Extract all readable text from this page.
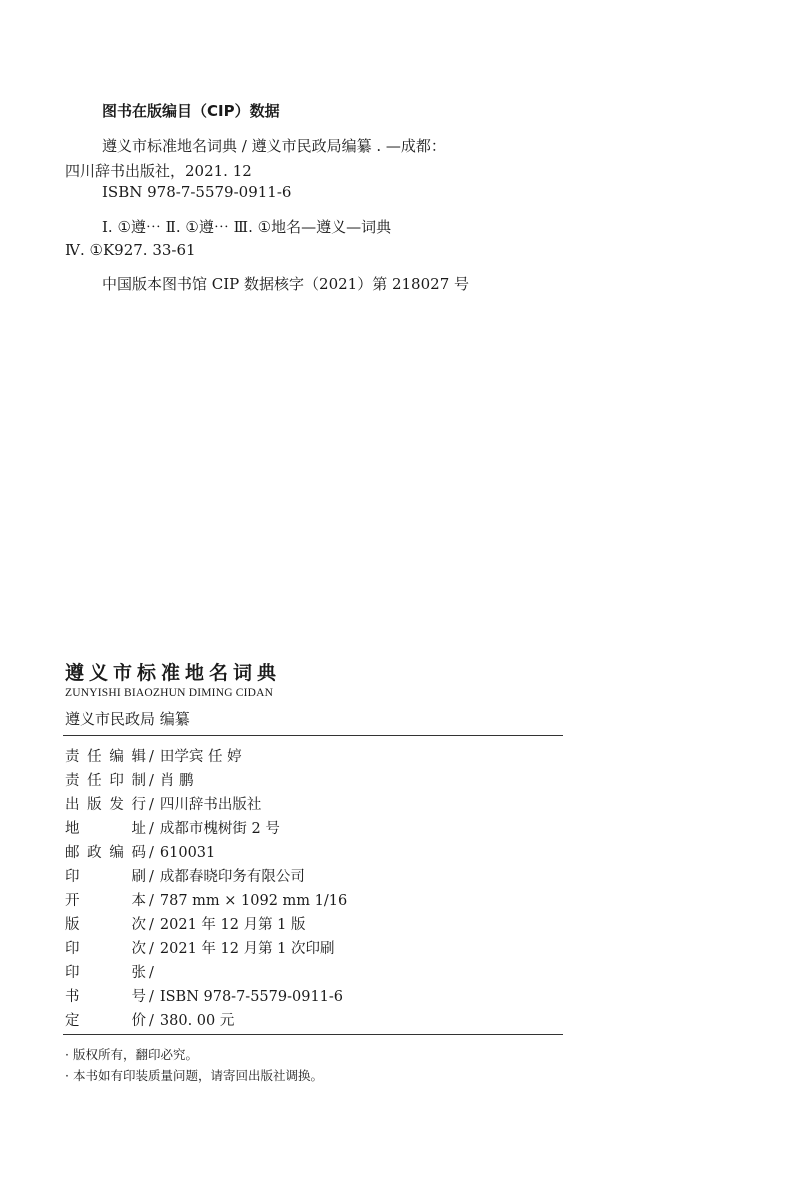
图书在版编目（CIP）数据
遵义市标准地名词典 / 遵义市民政局编纂 . —成都：
四川辞书出版社，2021. 12
ISBN 978-7-5579-0911-6
Ⅰ. ①遵⋯ Ⅱ. ①遵⋯ Ⅲ. ①地名—遵义—词典
Ⅳ. ①K927. 33-61
中国版本图书馆 CIP 数据核字（2021）第 218027 号
遵义市标准地名词典
ZUNYISHI BIAOZHUN DIMING CIDAN
遵义市民政局 编纂
责任编辑 / 田学宾 任 婷
责任印制 / 肖 鹏
出版发行 / 四川辞书出版社
地址 / 成都市槐树街 2 号
邮政编码 / 610031
印刷 / 成都春晓印务有限公司
开本 / 787 mm × 1092 mm 1/16
版次 / 2021 年 12 月第 1 版
印次 / 2021 年 12 月第 1 次印刷
印张 /
书号 / ISBN 978-7-5579-0911-6
定价 / 380. 00 元
· 版权所有，翻印必究。
· 本书如有印装质量问题，请寄回出版社调换。
